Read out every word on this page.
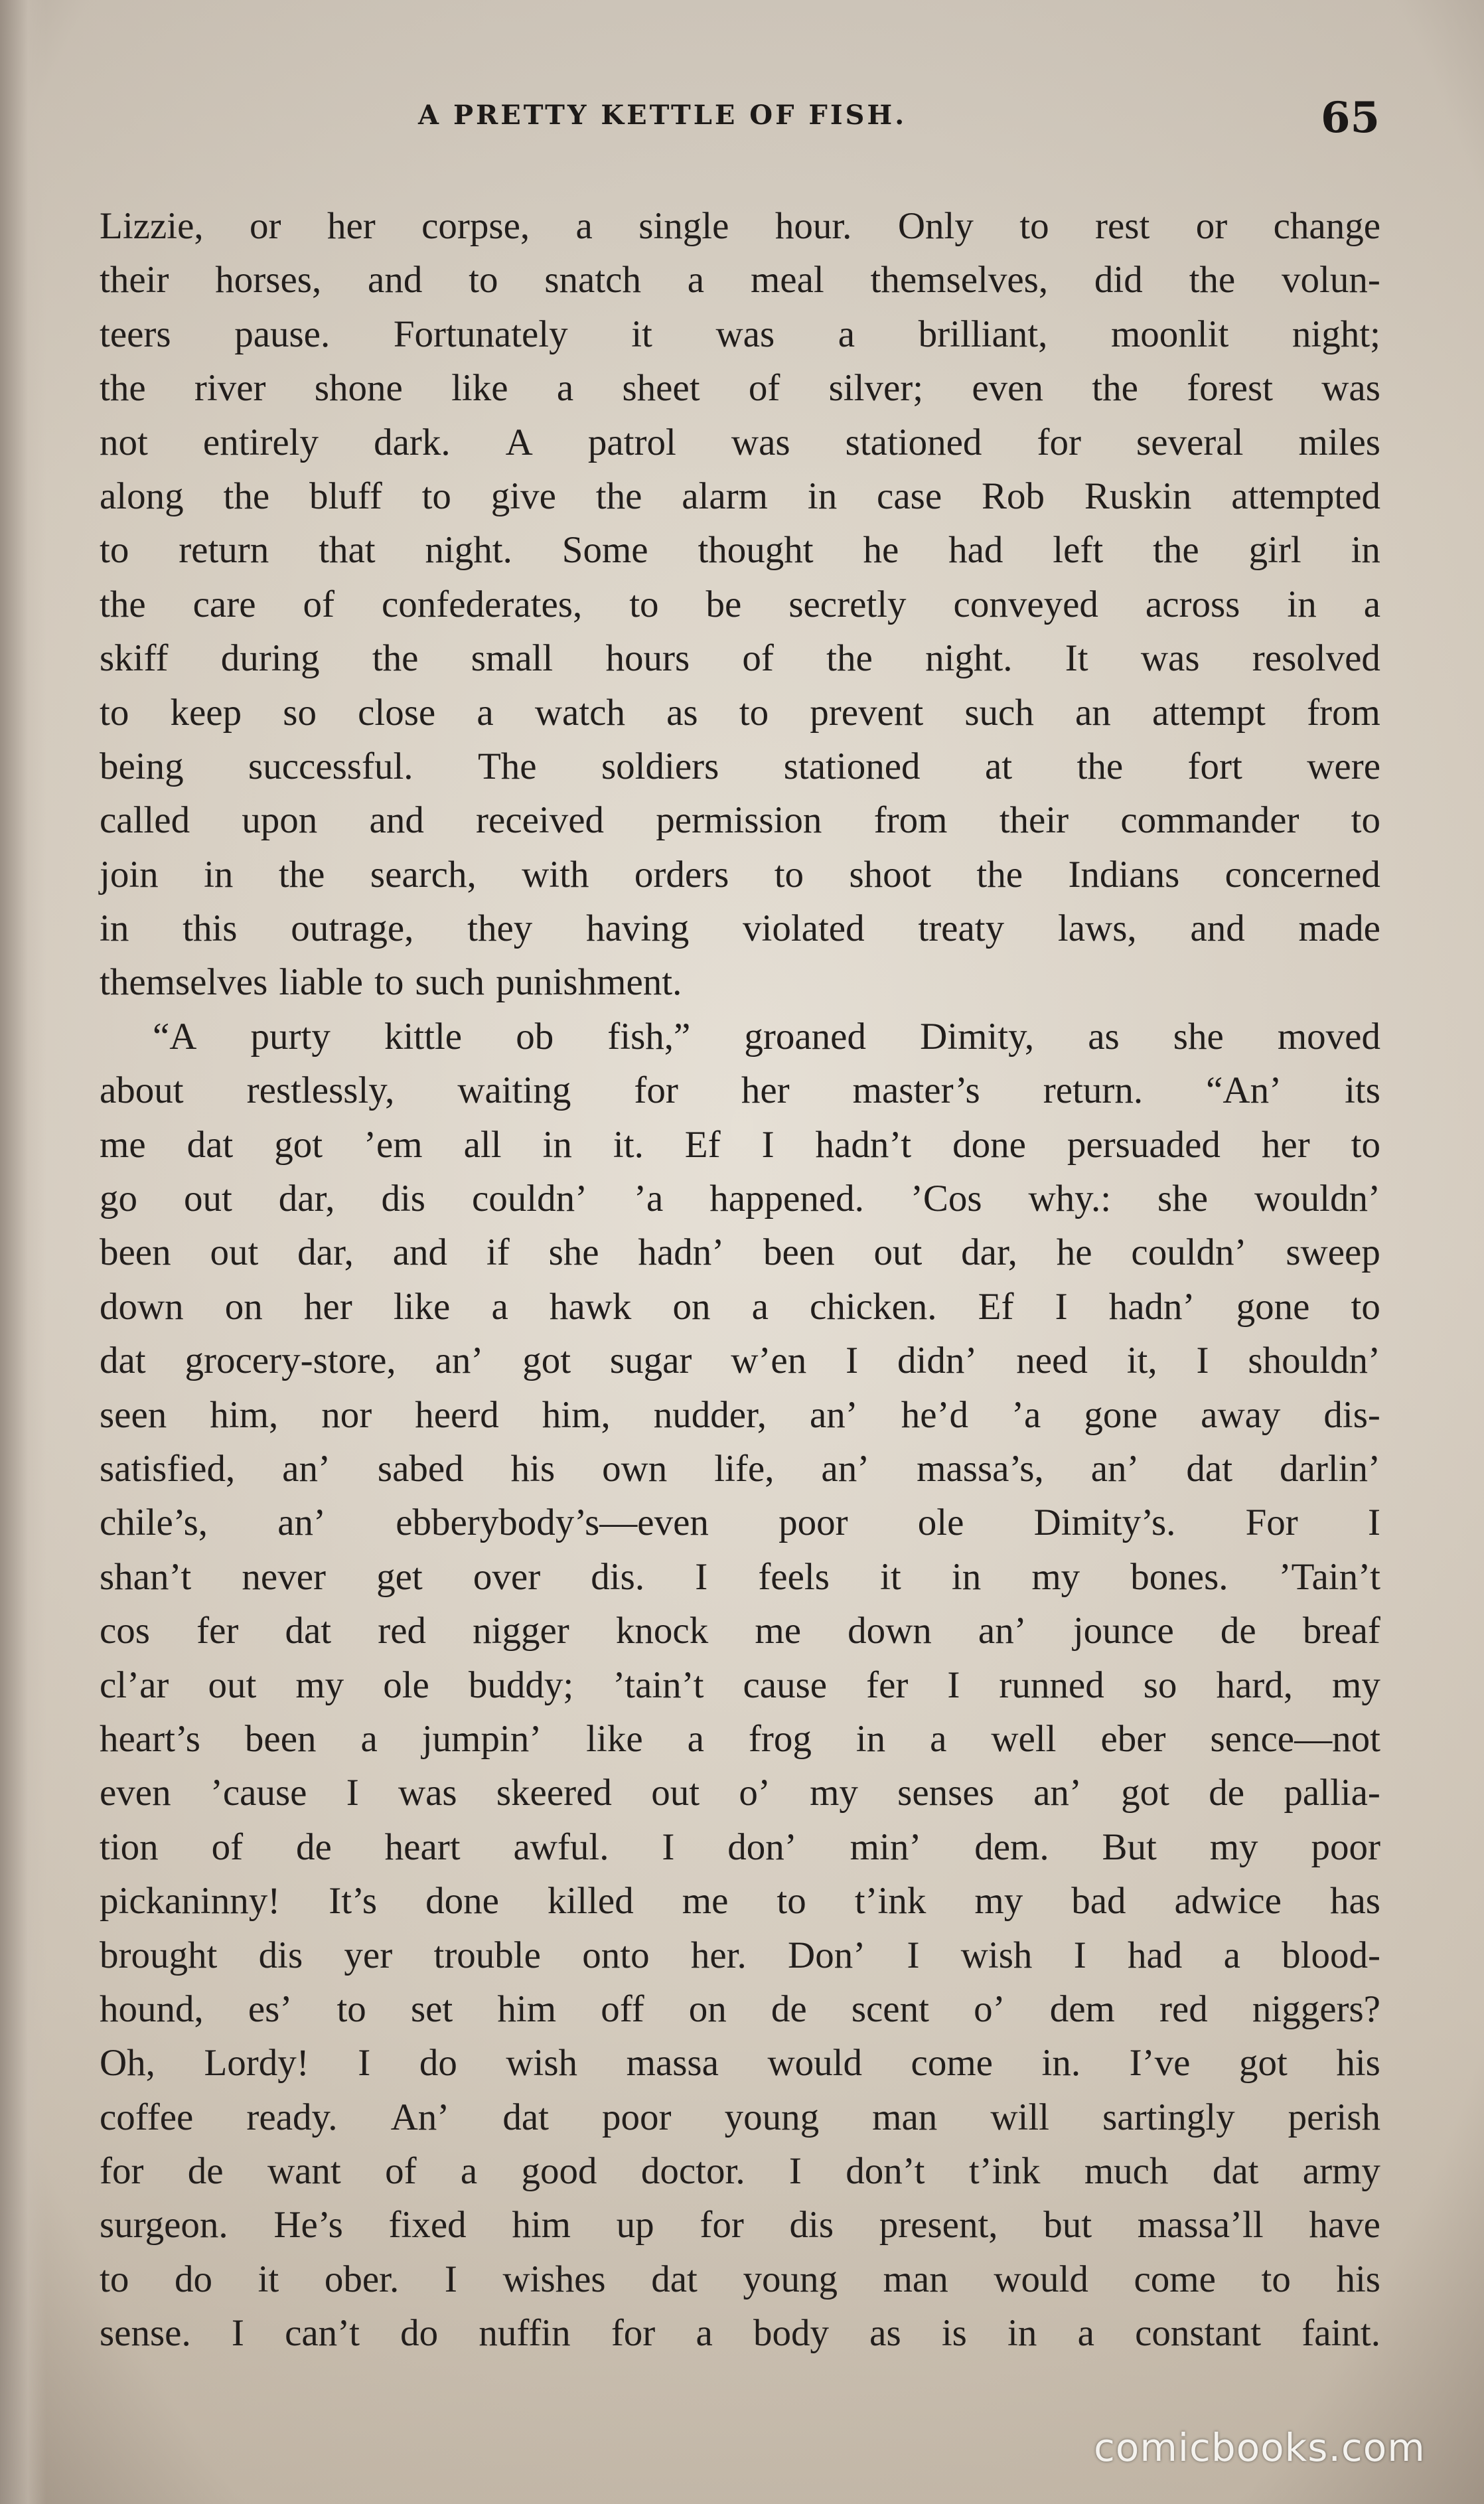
A PRETTY KETTLE OF FISH.	65
Lizzie, or her corpse, a single hour. Only to rest or change
their horses, and to snatch a meal themselves, did the volun-
teers pause. Fortunately it was a brilliant, moonlit night;
the river shone like a sheet of silver; even the forest was
not entirely dark. A patrol was stationed for several miles
along the bluff to give the alarm in case Rob Ruskin attempted
to return that night. Some thought he had left the girl in
the care of confederates, to be secretly conveyed across in a
skiff during the small hours of the night. It was resolved
to keep so close a watch as to prevent such an attempt from
being successful. The soldiers stationed at the fort were
called upon and received permission from their commander to
join in the search, with orders to shoot the Indians concerned
in this outrage, they having violated treaty laws, and made
themselves liable to such punishment.
“A purty kittle ob fish,” groaned Dimity, as she moved
about restlessly, waiting for her master’s return. “An’ its
me dat got ’em all in it. Ef I hadn’t done persuaded her to
go out dar, dis couldn’ ’a happened. ’Cos why.: she wouldn’
been out dar, and if she hadn’ been out dar, he couldn’ sweep
down on her like a hawk on a chicken. Ef I hadn’ gone to
dat grocery-store, an’ got sugar w’en I didn’ need it, I shouldn’
seen him, nor heerd him, nudder, an’ he’d ’a gone away dis-
satisfied, an’ sabed his own life, an’ massa’s, an’ dat darlin’
chile’s, an’ ebberybody’s—even poor ole Dimity’s. For I
shan’t never get over dis. I feels it in my bones. ’Tain’t
cos fer dat red nigger knock me down an’ jounce de breaf
cl’ar out my ole buddy; ’tain’t cause fer I runned so hard, my
heart’s been a jumpin’ like a frog in a well eber sence—not
even ’cause I was skeered out o’ my senses an’ got de pallia-
tion of de heart awful. I don’ min’ dem. But my poor
pickaninny! It’s done killed me to t’ink my bad adwice has
brought dis yer trouble onto her. Don’ I wish I had a blood-
hound, es’ to set him off on de scent o’ dem red niggers?
Oh, Lordy! I do wish massa would come in. I’ve got his
coffee ready. An’ dat poor young man will sartingly perish
for de want of a good doctor. I don’t t’ink much dat army
surgeon. He’s fixed him up for dis present, but massa’ll have
to do it ober. I wishes dat young man would come to his
sense. I can’t do nuffin for a body as is in a constant faint.
comicbooks.com
